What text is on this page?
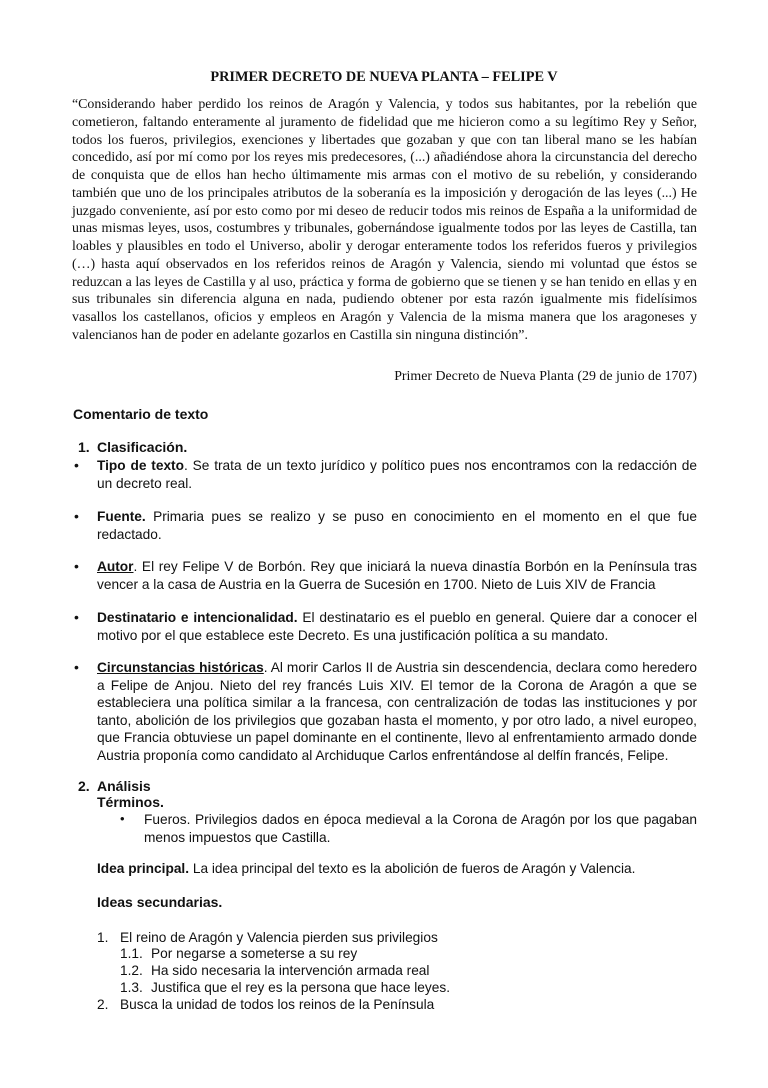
PRIMER DECRETO DE NUEVA PLANTA – FELIPE V
“Considerando haber perdido los reinos de Aragón y Valencia, y todos sus habitantes, por la rebelión que cometieron, faltando enteramente al juramento de fidelidad que me hicieron como a su legítimo Rey y Señor, todos los fueros, privilegios, exenciones y libertades que gozaban y que con tan liberal mano se les habían concedido, así por mí como por los reyes mis predecesores, (...) añadiéndose ahora la circunstancia del derecho de conquista que de ellos han hecho últimamente mis armas con el motivo de su rebelión, y considerando también que uno de los principales atributos de la soberanía es la imposición y derogación de las leyes (...) He juzgado conveniente, así por esto como por mi deseo de reducir todos mis reinos de España a la uniformidad de unas mismas leyes, usos, costumbres y tribunales, gobernándose igualmente todos por las leyes de Castilla, tan loables y plausibles en todo el Universo, abolir y derogar enteramente todos los referidos fueros y privilegios (…) hasta aquí observados en los referidos reinos de Aragón y Valencia, siendo mi voluntad que éstos se reduzcan a las leyes de Castilla y al uso, práctica y forma de gobierno que se tienen y se han tenido en ellas y en sus tribunales sin diferencia alguna en nada, pudiendo obtener por esta razón igualmente mis fidelísimos vasallos los castellanos, oficios y empleos en Aragón y Valencia de la misma manera que los aragoneses y valencianos han de poder en adelante gozarlos en Castilla sin ninguna distinción”.
Primer Decreto de Nueva Planta (29 de junio de 1707)
Comentario de texto
1. Clasificación.
•	Tipo de texto. Se trata de un texto jurídico y político pues nos encontramos con la redacción de un decreto real.
•	Fuente. Primaria pues se realizo y se puso en conocimiento en el momento en el que fue redactado.
•	Autor. El rey Felipe V de Borbón. Rey que iniciará la nueva dinastía Borbón en la Península tras vencer a la casa de Austria en la Guerra de Sucesión en 1700. Nieto de Luis XIV de Francia
•	Destinatario e intencionalidad. El destinatario es el pueblo en general. Quiere dar a conocer el motivo por el que establece este Decreto. Es una justificación política a su mandato.
•	Circunstancias históricas. Al morir Carlos II de Austria sin descendencia, declara como heredero a Felipe de Anjou. Nieto del rey francés Luis XIV. El temor de la Corona de Aragón a que se estableciera una política similar a la francesa, con centralización de todas las instituciones y por tanto, abolición de los privilegios que gozaban hasta el momento, y por otro lado, a nivel europeo, que Francia obtuviese un papel dominante en el continente, llevo al enfrentamiento armado donde Austria proponía como candidato al Archiduque Carlos enfrentándose al delfín francés, Felipe.
2. Análisis
Términos.
• Fueros. Privilegios dados en época medieval a la Corona de Aragón por los que pagaban menos impuestos que Castilla.
Idea principal. La idea principal del texto es la abolición de fueros de Aragón y Valencia.
Ideas secundarias.
1. El reino de Aragón y Valencia pierden sus privilegios
1.1. Por negarse a someterse a su rey
1.2. Ha sido necesaria la intervención armada real
1.3. Justifica que el rey es la persona que hace leyes.
2. Busca la unidad de todos los reinos de la Península
